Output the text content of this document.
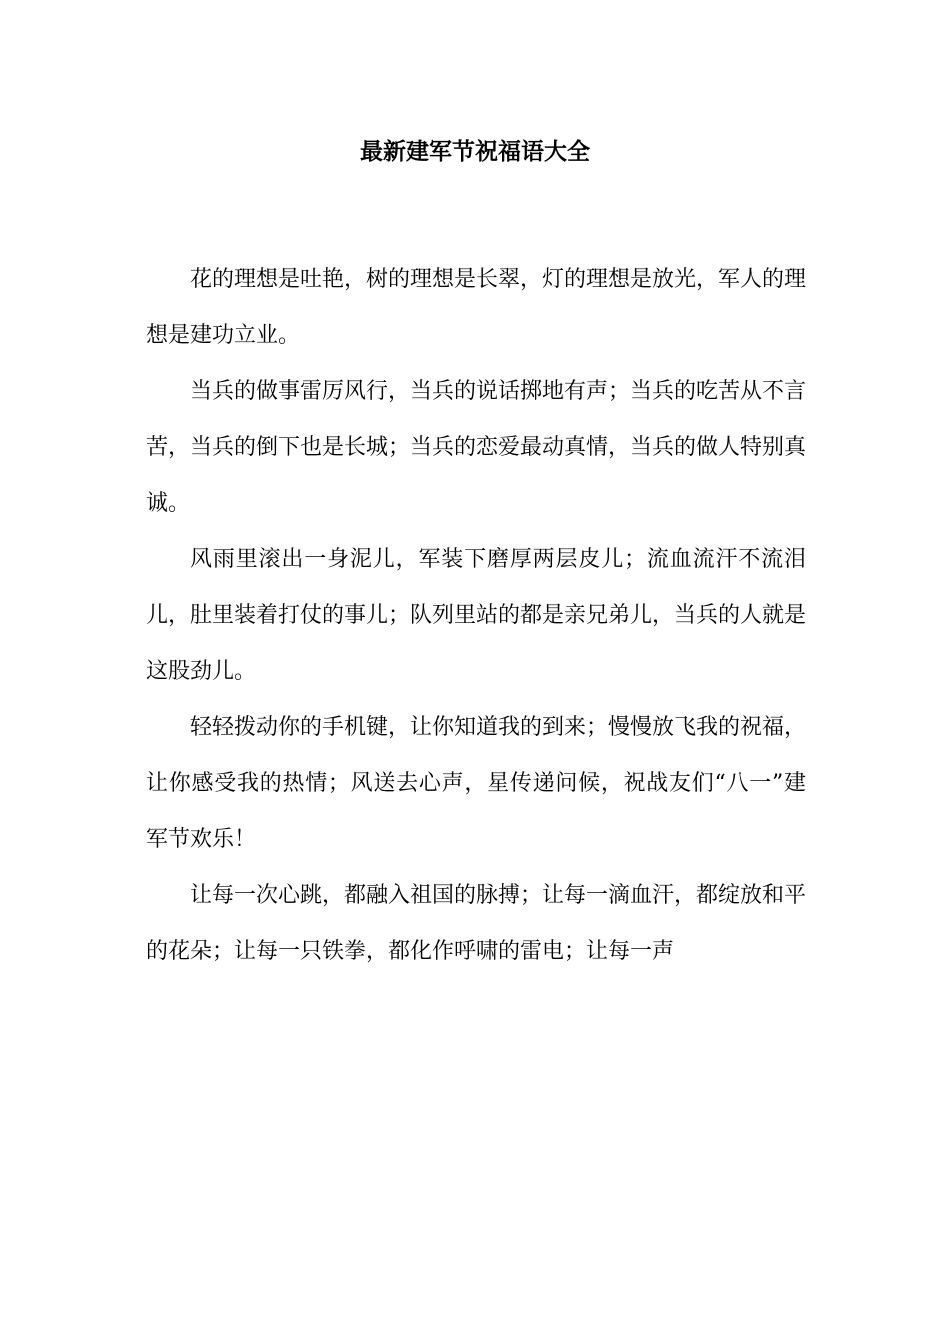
最新建军节祝福语大全

花的理想是吐艳，树的理想是长翠，灯的理想是放光，军人的理想是建功立业。

当兵的做事雷厉风行，当兵的说话掷地有声；当兵的吃苦从不言苦，当兵的倒下也是长城；当兵的恋爱最动真情，当兵的做人特别真诚。

风雨里滚出一身泥儿，军装下磨厚两层皮儿；流血流汗不流泪儿，肚里装着打仗的事儿；队列里站的都是亲兄弟儿，当兵的人就是这股劲儿。

轻轻拨动你的手机键，让你知道我的到来；慢慢放飞我的祝福，让你感受我的热情；风送去心声，星传递问候，祝战友们“八一”建军节欢乐！

让每一次心跳，都融入祖国的脉搏；让每一滴血汗，都绽放和平的花朵；让每一只铁拳，都化作呼啸的雷电；让每一声
